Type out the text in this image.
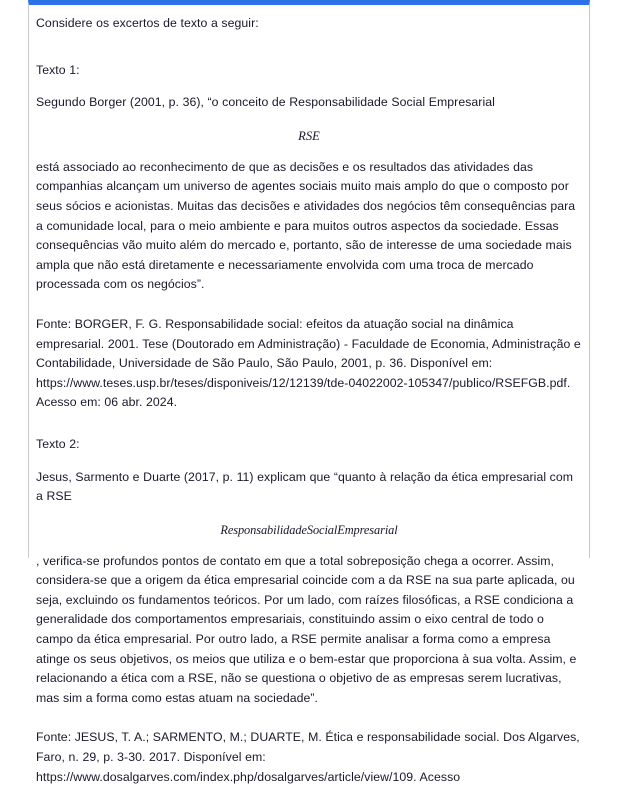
Considere os excertos de texto a seguir:

Texto 1:

Segundo Borger (2001, p. 36), “o conceito de Responsabilidade Social Empresarial

RSE

está associado ao reconhecimento de que as decisões e os resultados das atividades das companhias alcançam um universo de agentes sociais muito mais amplo do que o composto por seus sócios e acionistas. Muitas das decisões e atividades dos negócios têm consequências para a comunidade local, para o meio ambiente e para muitos outros aspectos da sociedade. Essas consequências vão muito além do mercado e, portanto, são de interesse de uma sociedade mais ampla que não está diretamente e necessariamente envolvida com uma troca de mercado processada com os negócios”.

Fonte: BORGER, F. G. Responsabilidade social: efeitos da atuação social na dinâmica empresarial. 2001. Tese (Doutorado em Administração) - Faculdade de Economia, Administração e Contabilidade, Universidade de São Paulo, São Paulo, 2001, p. 36. Disponível em: https://www.teses.usp.br/teses/disponiveis/12/12139/tde-04022002-105347/publico/RSEFGB.pdf. Acesso em: 06 abr. 2024.

Texto 2:

Jesus, Sarmento e Duarte (2017, p. 11) explicam que “quanto à relação da ética empresarial com a RSE

ResponsabilidadeSocialEmpresarial

, verifica-se profundos pontos de contato em que a total sobreposição chega a ocorrer. Assim, considera-se que a origem da ética empresarial coincide com a da RSE na sua parte aplicada, ou seja, excluindo os fundamentos teóricos. Por um lado, com raízes filosóficas, a RSE condiciona a generalidade dos comportamentos empresariais, constituindo assim o eixo central de todo o campo da ética empresarial. Por outro lado, a RSE permite analisar a forma como a empresa atinge os seus objetivos, os meios que utiliza e o bem-estar que proporciona à sua volta. Assim, e relacionando a ética com a RSE, não se questiona o objetivo de as empresas serem lucrativas, mas sim a forma como estas atuam na sociedade”.

Fonte: JESUS, T. A.; SARMENTO, M.; DUARTE, M. Ética e responsabilidade social. Dos Algarves, Faro, n. 29, p. 3-30. 2017. Disponível em: https://www.dosalgarves.com/index.php/dosalgarves/article/view/109. Acesso
